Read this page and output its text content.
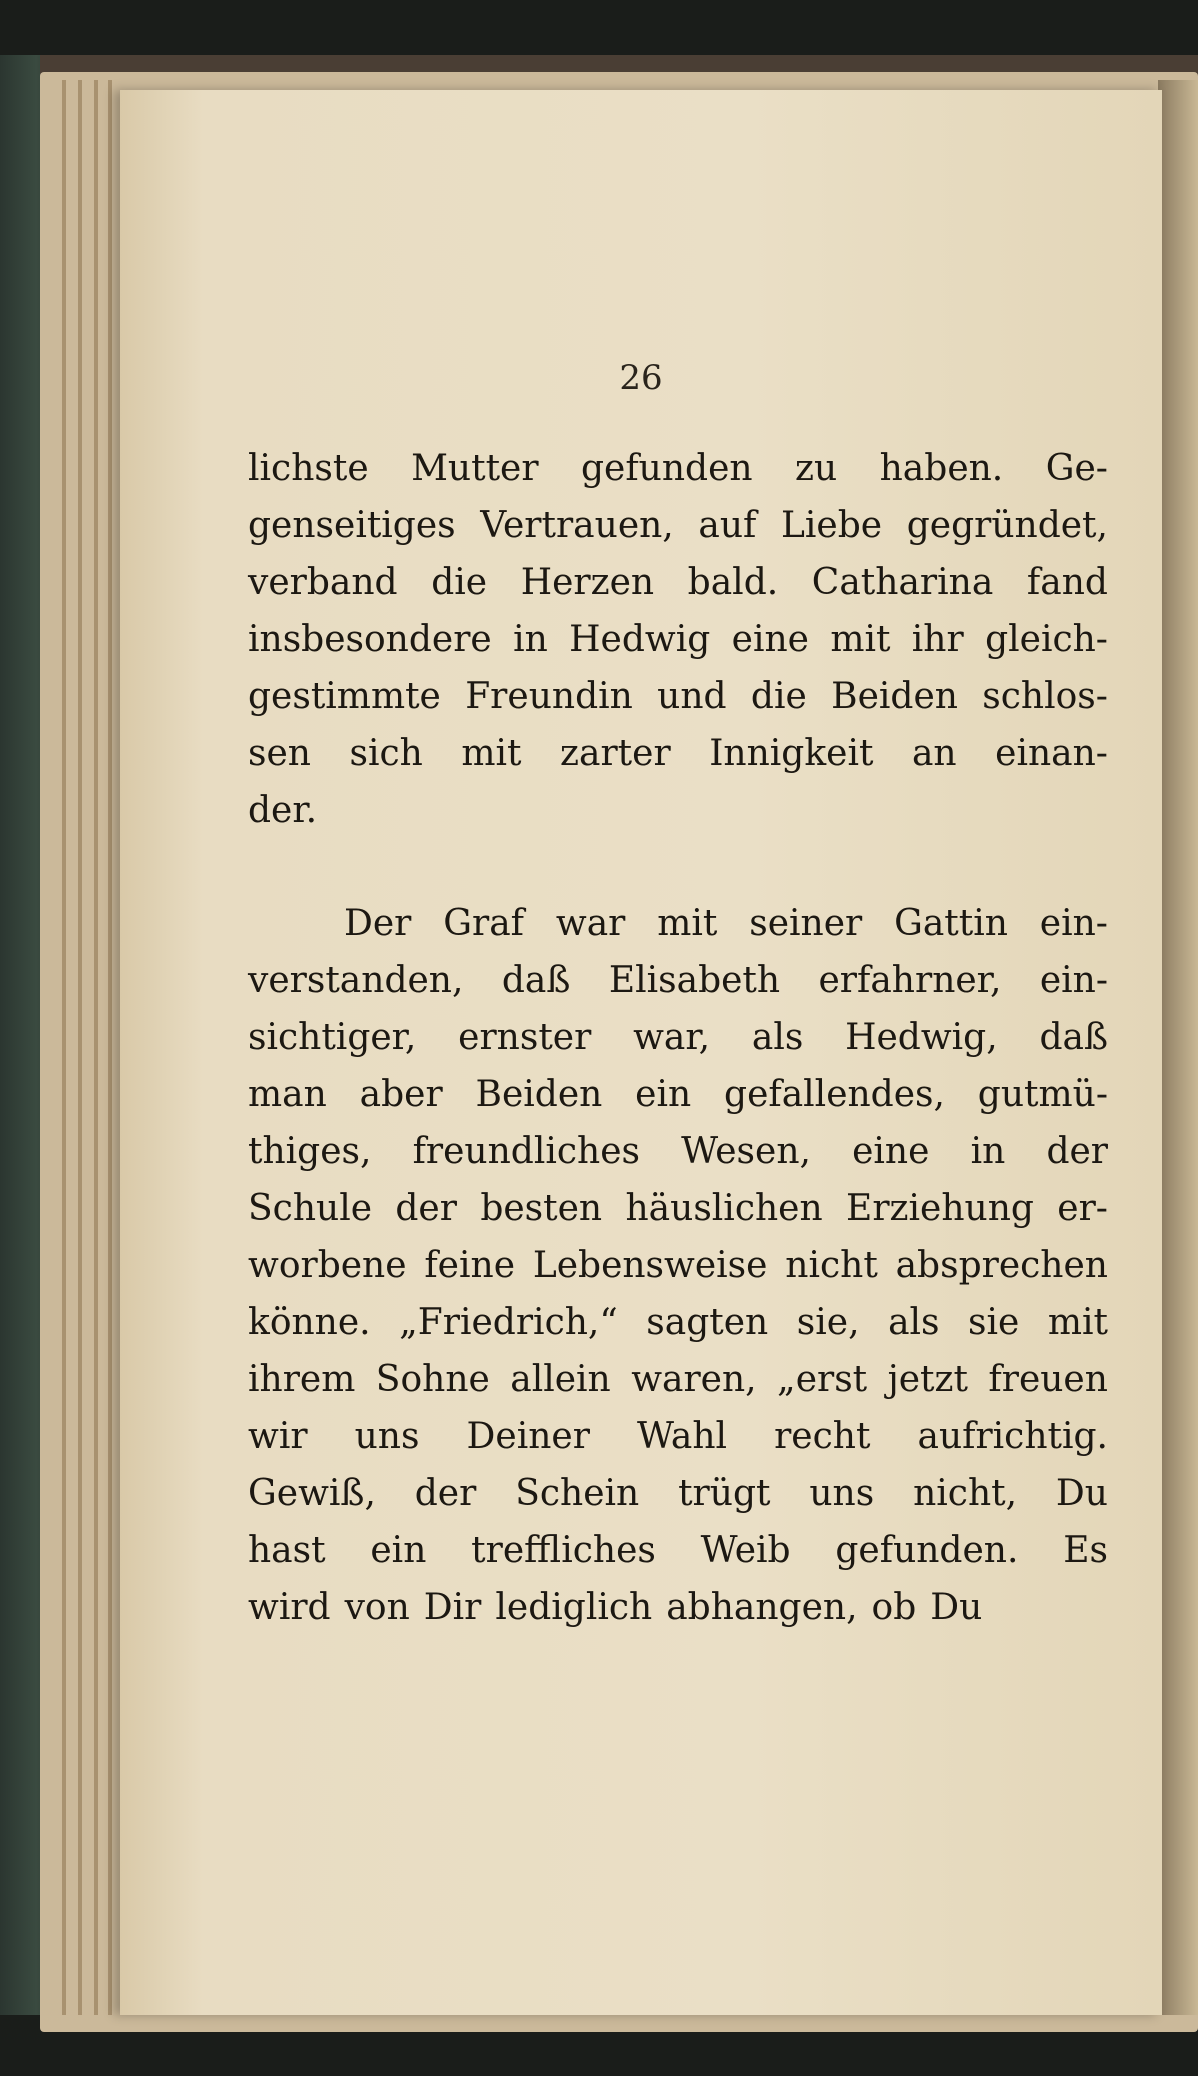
26
lichste Mutter gefunden zu haben. Ge-
genseitiges Vertrauen, auf Liebe gegründet,
verband die Herzen bald. Catharina fand
insbesondere in Hedwig eine mit ihr gleich-
gestimmte Freundin und die Beiden schlos-
sen sich mit zarter Innigkeit an einan-
der.
Der Graf war mit seiner Gattin ein-
verstanden, daß Elisabeth erfahrner, ein-
sichtiger, ernster war, als Hedwig, daß
man aber Beiden ein gefallendes, gutmü-
thiges, freundliches Wesen, eine in der
Schule der besten häuslichen Erziehung er-
worbene feine Lebensweise nicht absprechen
könne. „Friedrich,“ sagten sie, als sie mit
ihrem Sohne allein waren, „erst jetzt freuen
wir uns Deiner Wahl recht aufrichtig.
Gewiß, der Schein trügt uns nicht, Du
hast ein treffliches Weib gefunden. Es
wird von Dir lediglich abhangen, ob Du
